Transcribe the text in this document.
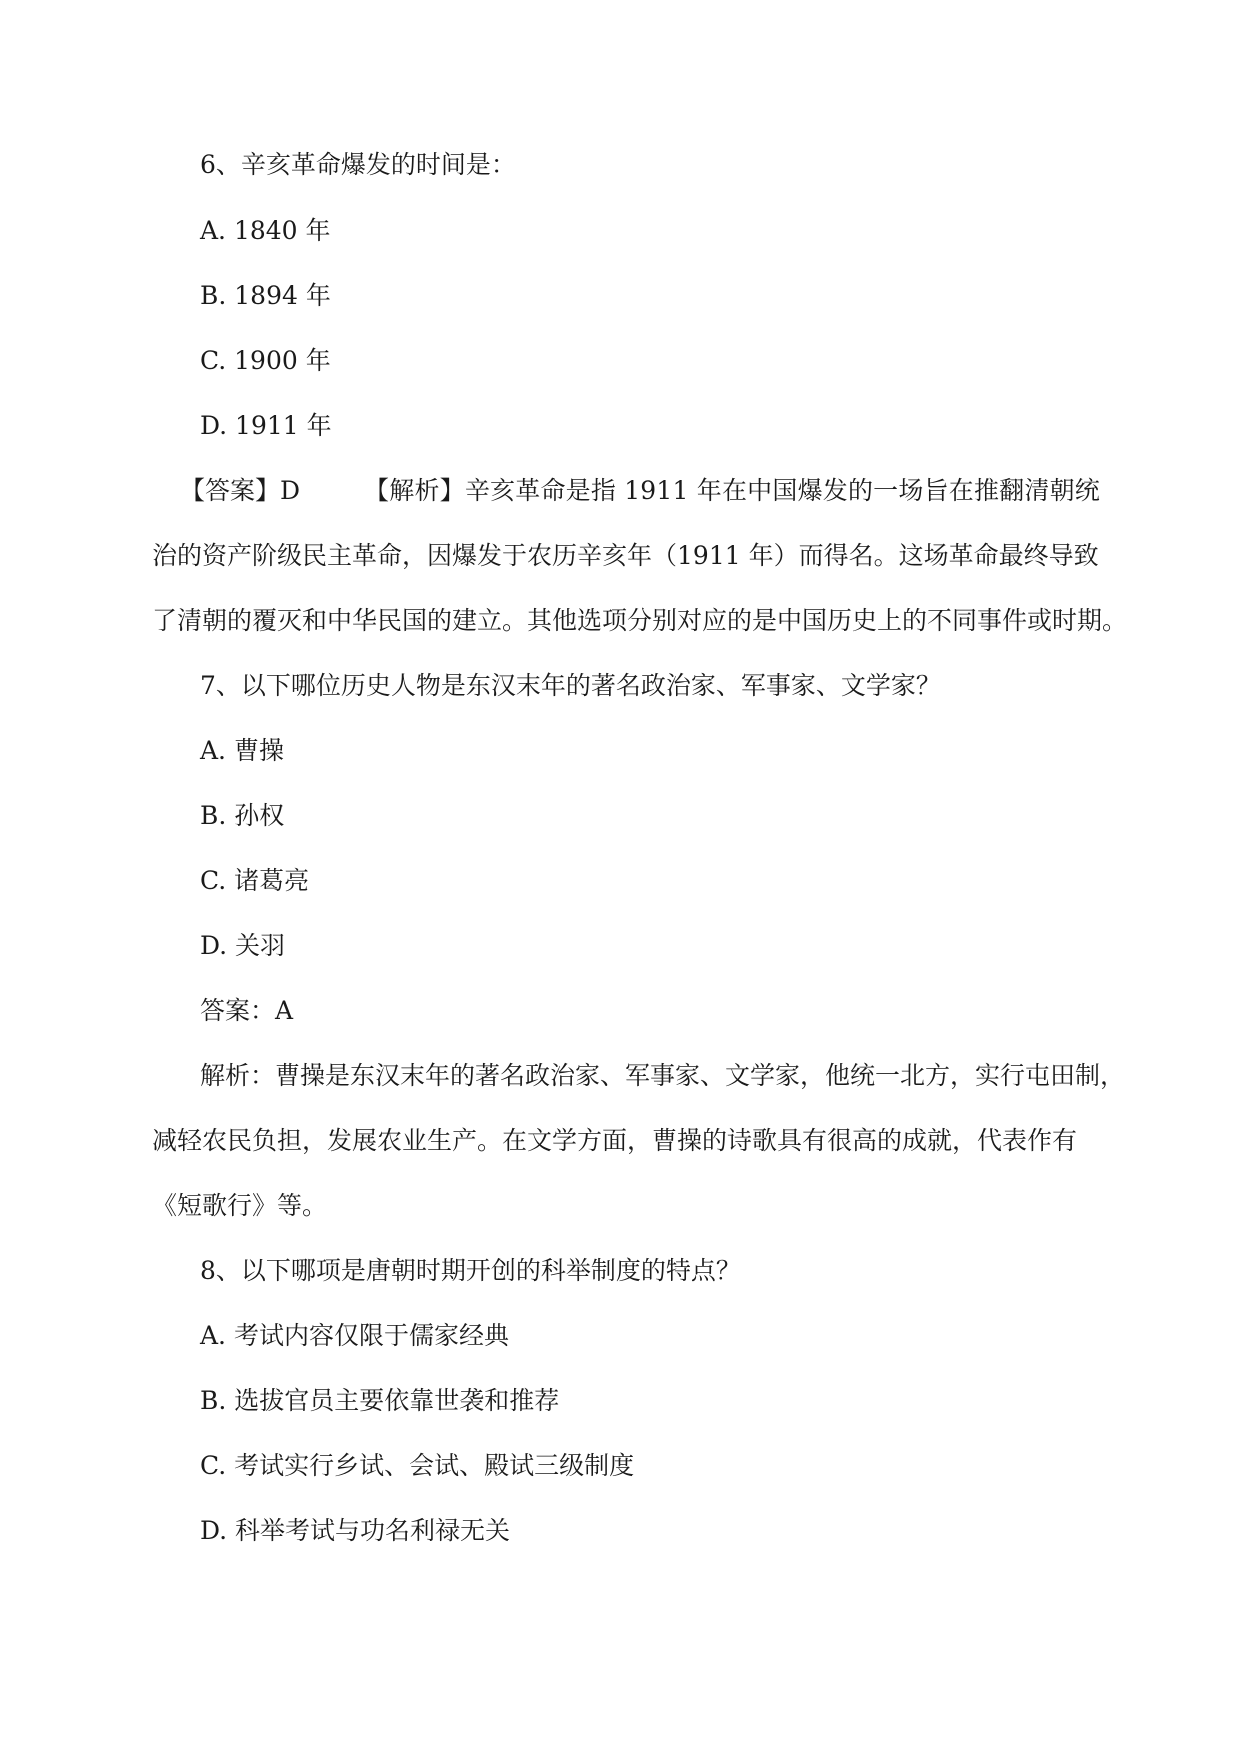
6、辛亥革命爆发的时间是：
A. 1840 年
B. 1894 年
C. 1900 年
D. 1911 年
【答案】D	【解析】辛亥革命是指 1911 年在中国爆发的一场旨在推翻清朝统
治的资产阶级民主革命，因爆发于农历辛亥年（1911 年）而得名。这场革命最终导致
了清朝的覆灭和中华民国的建立。其他选项分别对应的是中国历史上的不同事件或时期。
7、以下哪位历史人物是东汉末年的著名政治家、军事家、文学家？
A. 曹操
B. 孙权
C. 诸葛亮
D. 关羽
答案：A
解析：曹操是东汉末年的著名政治家、军事家、文学家，他统一北方，实行屯田制，
减轻农民负担，发展农业生产。在文学方面，曹操的诗歌具有很高的成就，代表作有
《短歌行》等。
8、以下哪项是唐朝时期开创的科举制度的特点？
A. 考试内容仅限于儒家经典
B. 选拔官员主要依靠世袭和推荐
C. 考试实行乡试、会试、殿试三级制度
D. 科举考试与功名利禄无关
